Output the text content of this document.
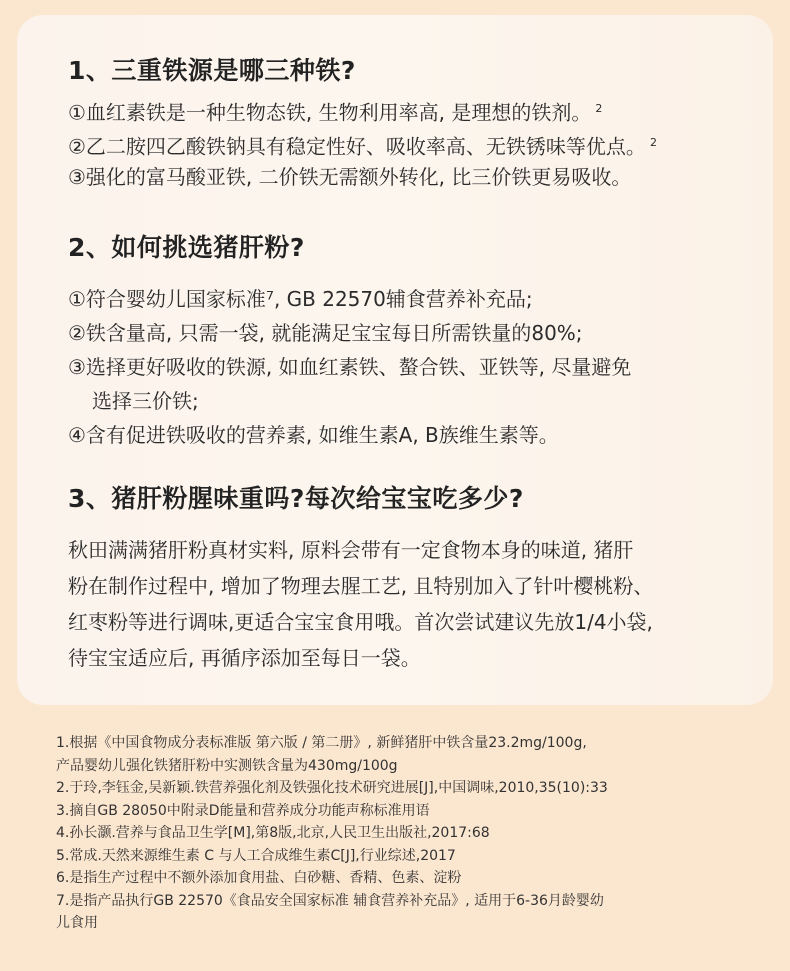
1、三重铁源是哪三种铁?
①血红素铁是一种生物态铁, 生物利用率高, 是理想的铁剂。 $^2$
②乙二胺四乙酸铁钠具有稳定性好、吸收率高、无铁锈味等优点。 $^2$
③强化的富马酸亚铁, 二价铁无需额外转化, 比三价铁更易吸收。
2、如何挑选猪肝粉?
①符合婴幼儿国家标准⁷, GB 22570辅食营养补充品;
②铁含量高, 只需一袋, 就能满足宝宝每日所需铁量的80%;
③选择更好吸收的铁源, 如血红素铁、螯合铁、亚铁等, 尽量避免
选择三价铁;
④含有促进铁吸收的营养素, 如维生素A, B族维生素等。
3、猪肝粉腥味重吗?每次给宝宝吃多少?
秋田满满猪肝粉真材实料, 原料会带有一定食物本身的味道, 猪肝
粉在制作过程中, 增加了物理去腥工艺, 且特别加入了针叶樱桃粉、
红枣粉等进行调味,更适合宝宝食用哦。首次尝试建议先放1/4小袋,
待宝宝适应后, 再循序添加至每日一袋。
1.根据《中国食物成分表标准版 第六版 / 第二册》, 新鲜猪肝中铁含量23.2mg/100g,
产品婴幼儿强化铁猪肝粉中实测铁含量为430mg/100g
2.于玲,李钰金,吴新颖.铁营养强化剂及铁强化技术研究进展[J],中国调味,2010,35(10):33
3.摘自GB 28050中附录D能量和营养成分功能声称标准用语
4.孙长灏.营养与食品卫生学[M],第8版,北京,人民卫生出版社,2017:68
5.常成.天然来源维生素 C 与人工合成维生素C[J],行业综述,2017
6.是指生产过程中不额外添加食用盐、白砂糖、香精、色素、淀粉
7.是指产品执行GB 22570《食品安全国家标准 辅食营养补充品》, 适用于6-36月龄婴幼
儿食用
